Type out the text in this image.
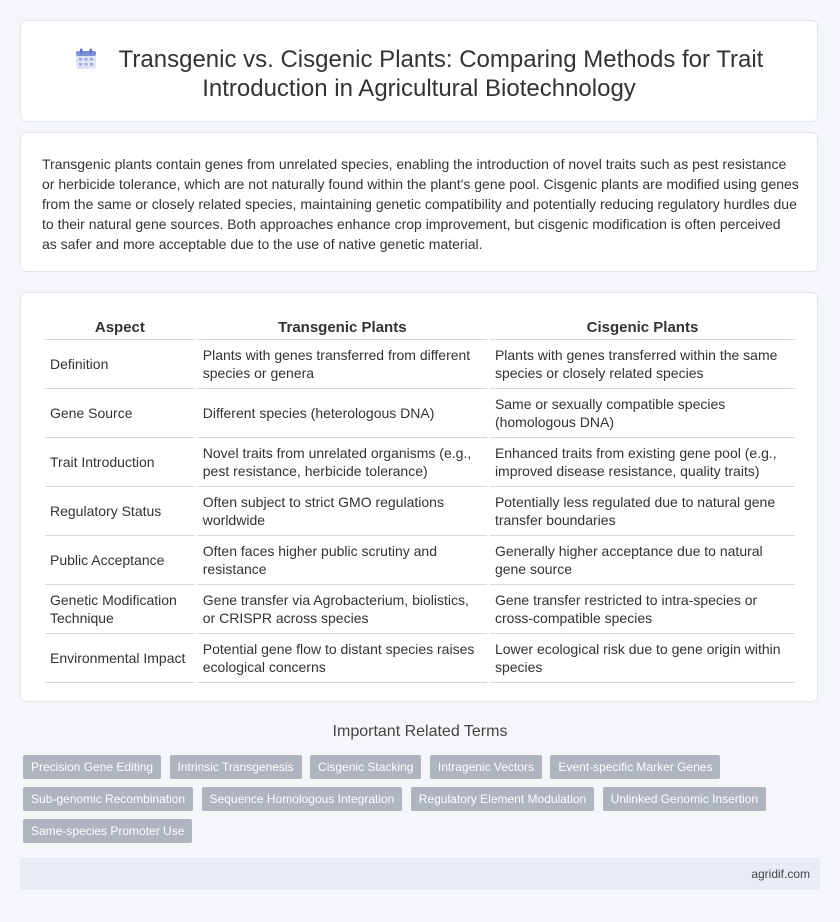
Transgenic vs. Cisgenic Plants: Comparing Methods for Trait Introduction in Agricultural Biotechnology

Transgenic plants contain genes from unrelated species, enabling the introduction of novel traits such as pest resistance or herbicide tolerance, which are not naturally found within the plant's gene pool. Cisgenic plants are modified using genes from the same or closely related species, maintaining genetic compatibility and potentially reducing regulatory hurdles due to their natural gene sources. Both approaches enhance crop improvement, but cisgenic modification is often perceived as safer and more acceptable due to the use of native genetic material.

Aspect	Transgenic Plants	Cisgenic Plants
Definition	Plants with genes transferred from different species or genera	Plants with genes transferred within the same species or closely related species
Gene Source	Different species (heterologous DNA)	Same or sexually compatible species (homologous DNA)
Trait Introduction	Novel traits from unrelated organisms (e.g., pest resistance, herbicide tolerance)	Enhanced traits from existing gene pool (e.g., improved disease resistance, quality traits)
Regulatory Status	Often subject to strict GMO regulations worldwide	Potentially less regulated due to natural gene transfer boundaries
Public Acceptance	Often faces higher public scrutiny and resistance	Generally higher acceptance due to natural gene source
Genetic Modification Technique	Gene transfer via Agrobacterium, biolistics, or CRISPR across species	Gene transfer restricted to intra-species or cross-compatible species
Environmental Impact	Potential gene flow to distant species raises ecological concerns	Lower ecological risk due to gene origin within species
Important Related Terms
Precision Gene Editing Intrinsic Transgenesis Cisgenic Stacking Intragenic Vectors Event-specific Marker Genes Sub-genomic Recombination Sequence Homologous Integration Regulatory Element Modulation Unlinked Genomic Insertion Same-species Promoter Use
agridif.com
